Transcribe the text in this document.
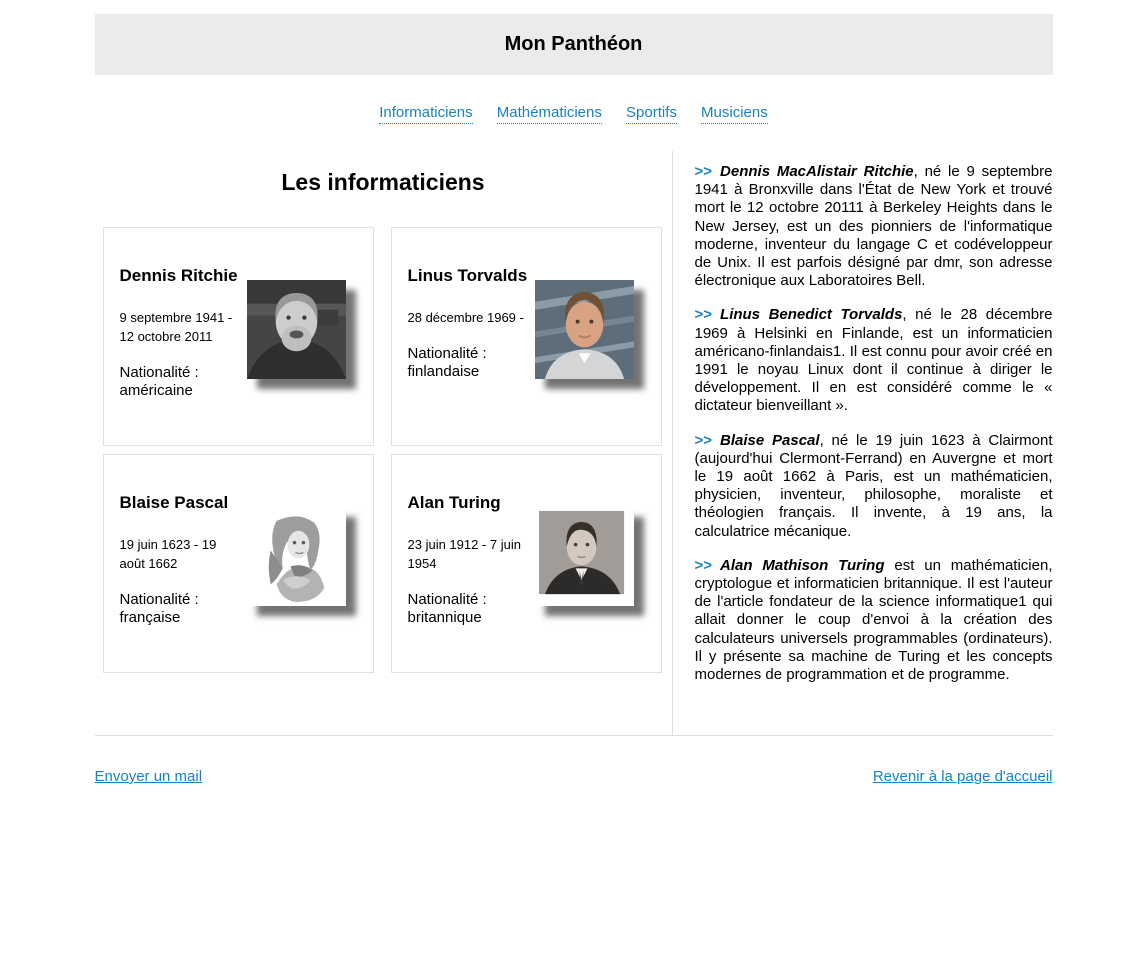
Mon Panthéon
Informaticiens Mathématiciens Sportifs Musiciens
Les informaticiens
Dennis Ritchie

9 septembre 1941 - 12 octobre 2011

Nationalité : américaine

Linus Torvalds

28 décembre 1969 -

Nationalité : finlandaise

Blaise Pascal

19 juin 1623 - 19 août 1662

Nationalité : française

Alan Turing

23 juin 1912 - 7 juin 1954

Nationalité : britannique

>> Dennis MacAlistair Ritchie, né le 9 septembre 1941 à Bronxville dans l'État de New York et trouvé mort le 12 octobre 20111 à Berkeley Heights dans le New Jersey, est un des pionniers de l'informatique moderne, inventeur du langage C et codéveloppeur de Unix. Il est parfois désigné par dmr, son adresse électronique aux Laboratoires Bell.

>> Linus Benedict Torvalds, né le 28 décembre 1969 à Helsinki en Finlande, est un informaticien américano-finlandais1. Il est connu pour avoir créé en 1991 le noyau Linux dont il continue à diriger le développement. Il en est considéré comme le « dictateur bienveillant ».

>> Blaise Pascal, né le 19 juin 1623 à Clairmont (aujourd'hui Clermont-Ferrand) en Auvergne et mort le 19 août 1662 à Paris, est un mathématicien, physicien, inventeur, philosophe, moraliste et théologien français. Il invente, à 19 ans, la calculatrice mécanique.

>> Alan Mathison Turing est un mathématicien, cryptologue et informaticien britannique. Il est l'auteur de l'article fondateur de la science informatique1 qui allait donner le coup d'envoi à la création des calculateurs universels programmables (ordinateurs). Il y présente sa machine de Turing et les concepts modernes de programmation et de programme.

Envoyer un mail	Revenir à la page d'accueil
